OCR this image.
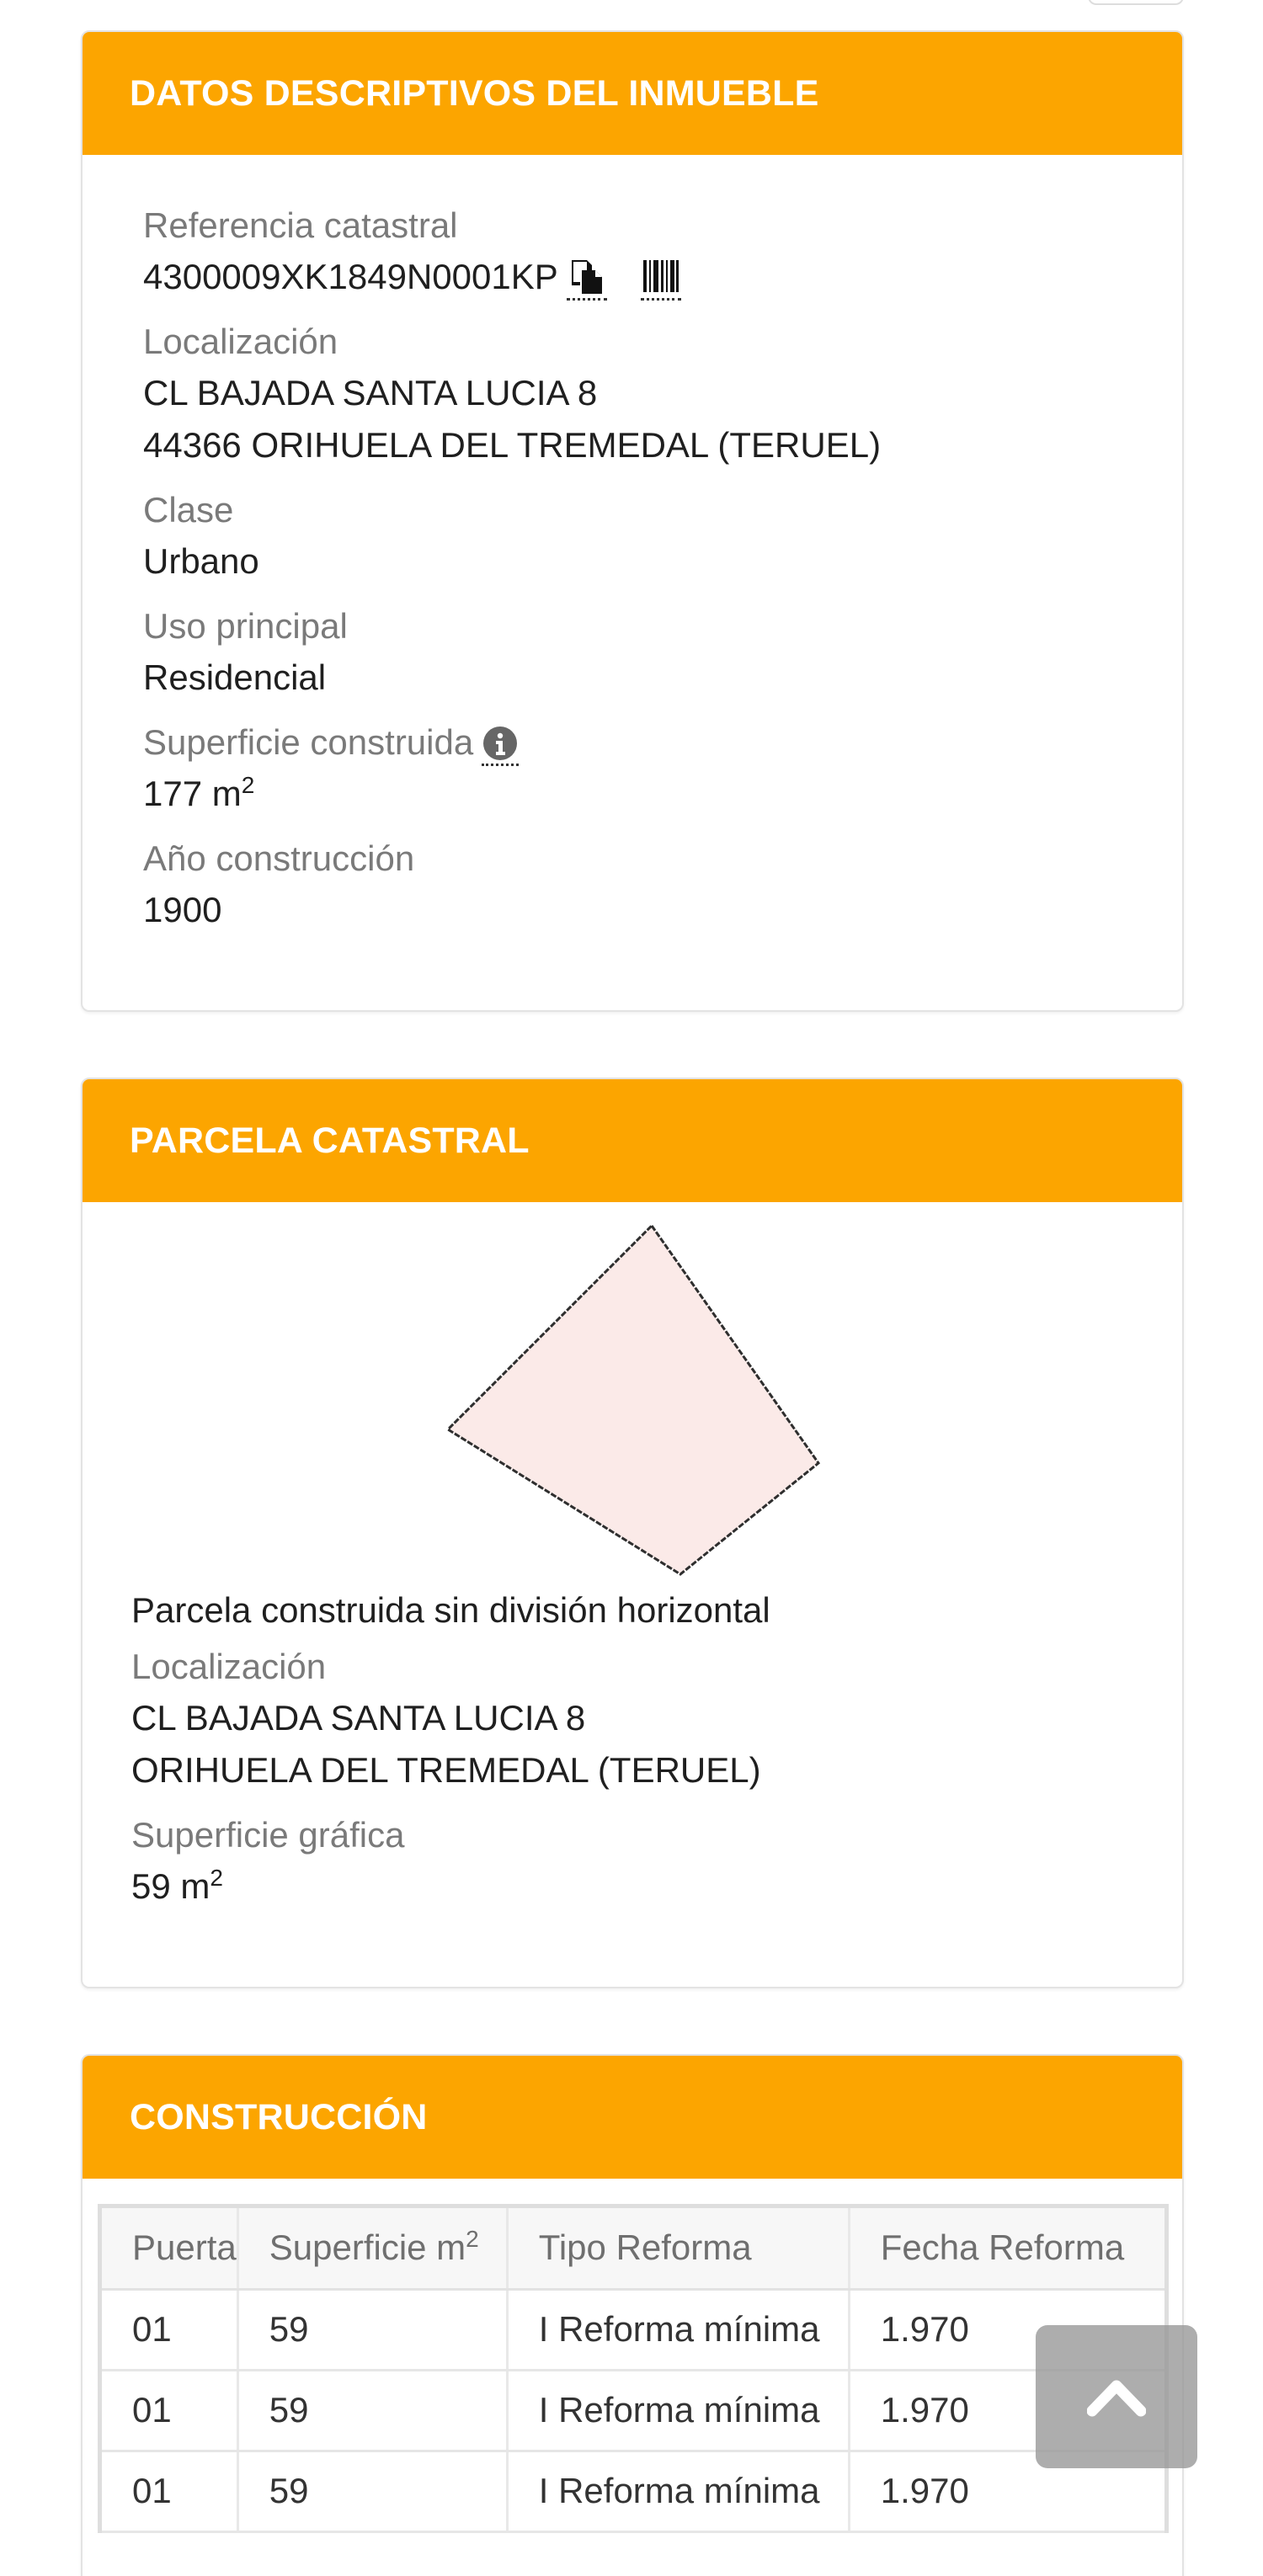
DATOS DESCRIPTIVOS DEL INMUEBLE

Referencia catastral

4300009XK1849N0001KP

Localización

CL BAJADA SANTA LUCIA 8
44366 ORIHUELA DEL TREMEDAL (TERUEL)

Clase

Urbano

Uso principal

Residencial

Superficie construida

177 $m^2$

Año construcción

1900

PARCELA CATASTRAL

Parcela construida sin división horizontal

Localización

CL BAJADA SANTA LUCIA 8
ORIHUELA DEL TREMEDAL (TERUEL)

Superficie gráfica

59 $m^2$

CONSTRUCCIÓN
Puerta	Superficie $m^2$	Tipo Reforma	Fecha Reforma
01	59	I Reforma mínima	1.970
01	59	I Reforma mínima	1.970
01	59	I Reforma mínima	1.970
